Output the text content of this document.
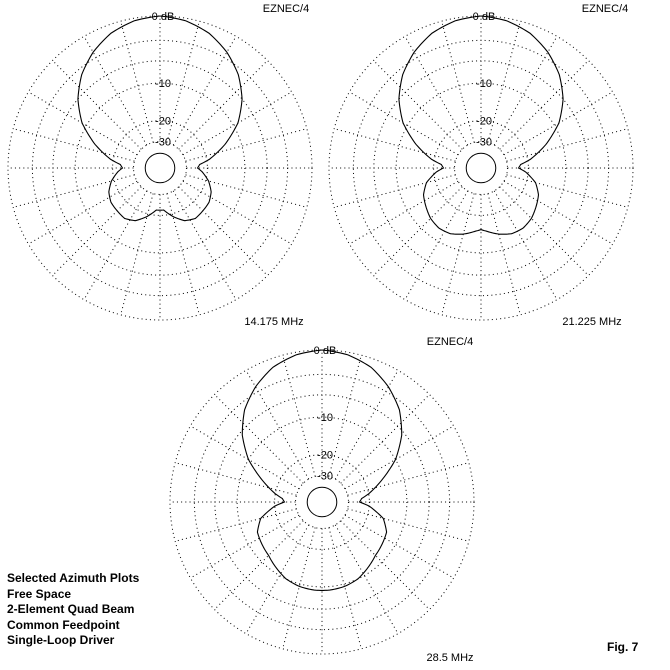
0 dB
-10
-20
-30
EZNEC/4
14.175 MHz
0 dB
-10
-20
-30
EZNEC/4
21.225 MHz
0 dB
-10
-20
-30
EZNEC/4
28.5 MHz
Selected Azimuth Plots
Free Space
2-Element Quad Beam
Common Feedpoint
Single-Loop Driver	Fig. 7
